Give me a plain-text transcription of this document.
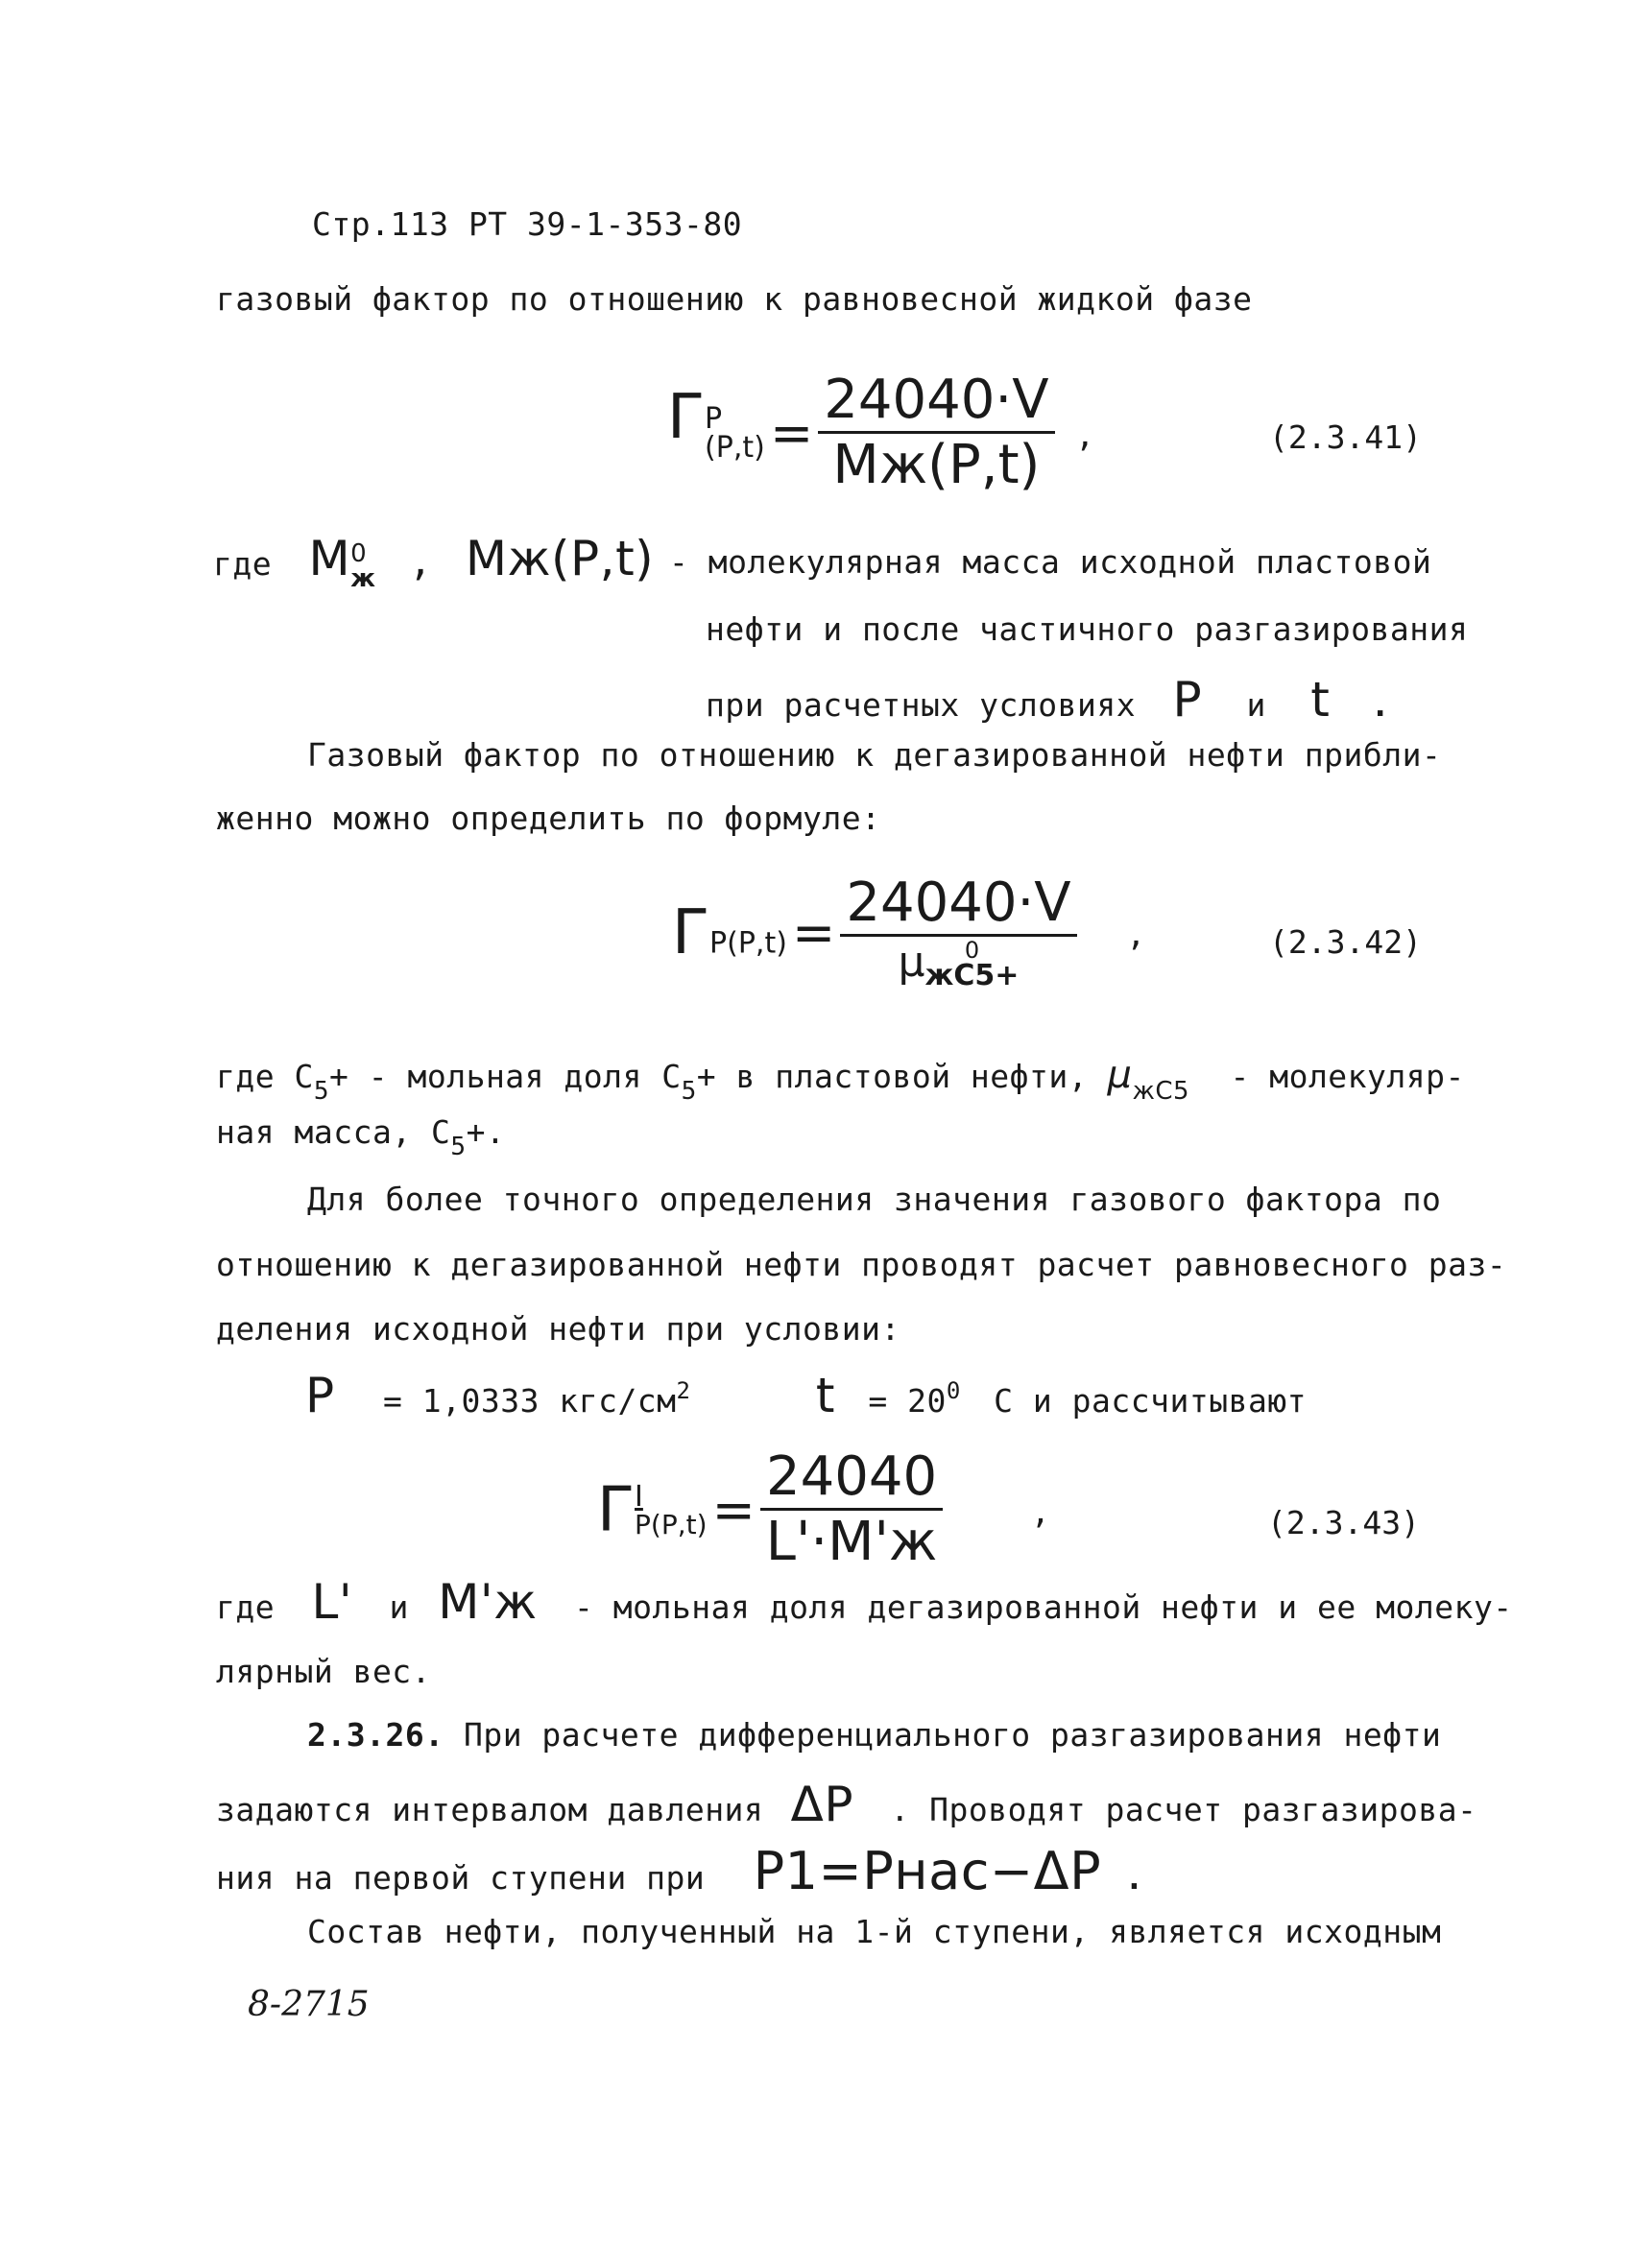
Стр.113 РТ 39-1-353-80
газовый фактор по отношению к равновесной жидкой фазе
Г P
$(P,t) = \frac{24040\cdot V}{Mж(P,t)}$ ,	(2.3.41)
где M 0
ж , Mж(P,t) - молекулярная масса исходной пластовой
нефти и после частичного разгазирования
при расчетных условиях P и t .
Газовый фактор по отношению к дегазированной нефти прибли-
женно можно определить по формуле:
ГP(P,t) = 24040·V
μ	0
жC5+ ,	(2.3.42)
где $C_5+$ - мольная доля $C_5+ в$ пластовой нефти, $\mu_{жC5}$ - молекуляр-
ная масса, $C_5+$.
Для более точного определения значения газового фактора по
отношению к дегазированной нефти проводят расчет равновесного раз-
деления исходной нефти при условии:
P = 1,0333 кгс/$см^2$	$t = 20^0$ С и рассчитывают
Г $\frac{I}{P(P,t)} = \frac{24040}{L'\cdot M'ж}$ ,	(2.3.43)
где L' и M'ж - мольная доля дегазированной нефти и ее молеку-
лярный вес.
2.3.26. При расчете дифференциального разгазирования нефти
задаются интервалом давления ΔP . Проводят расчет разгазирова-
ния на первой ступени при P1=Pнас−ΔP .
Состав нефти, полученный на 1-й ступени, является исходным
8-2715
